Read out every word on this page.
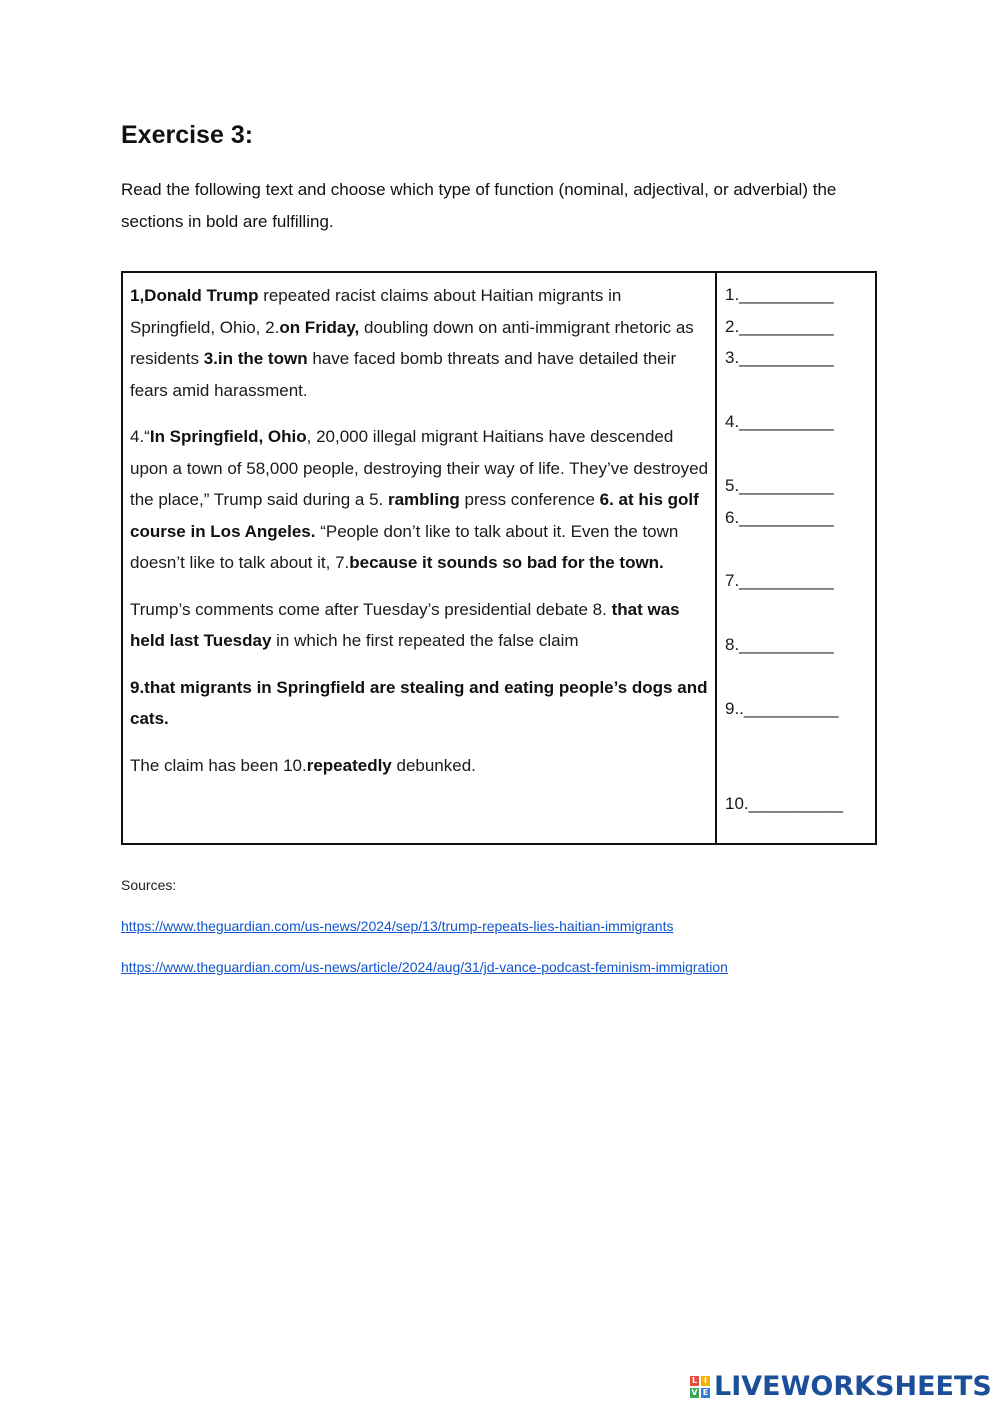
Exercise 3:
Read the following text and choose which type of function (nominal, adjectival, or adverbial) the sections in bold are fulfilling.

1,Donald Trump repeated racist claims about Haitian migrants in Springfield, Ohio, 2.on Friday, doubling down on anti-immigrant rhetoric as residents 3.in the town have faced bomb threats and have detailed their fears amid harassment.

4.“In Springfield, Ohio, 20,000 illegal migrant Haitians have descended upon a town of 58,000 people, destroying their way of life. They’ve destroyed the place,” Trump said during a 5. rambling press conference 6. at his golf course in Los Angeles. “People don’t like to talk about it. Even the town doesn’t like to talk about it, 7.because it sounds so bad for the town.

Trump’s comments come after Tuesday’s presidential debate 8. that was held last Tuesday in which he first repeated the false claim

9.that migrants in Springfield are stealing and eating people’s dogs and cats.

The claim has been 10.repeatedly debunked.

1.__________
2.__________
3.__________
4.__________
5.__________
6.__________
7.__________
8.__________
9..__________
10.__________
Sources:
https://www.theguardian.com/us-news/2024/sep/13/trump-repeats-lies-haitian-immigrants
https://www.theguardian.com/us-news/article/2024/aug/31/jd-vance-podcast-feminism-immigration
L I
V E LIVEWORKSHEETS
